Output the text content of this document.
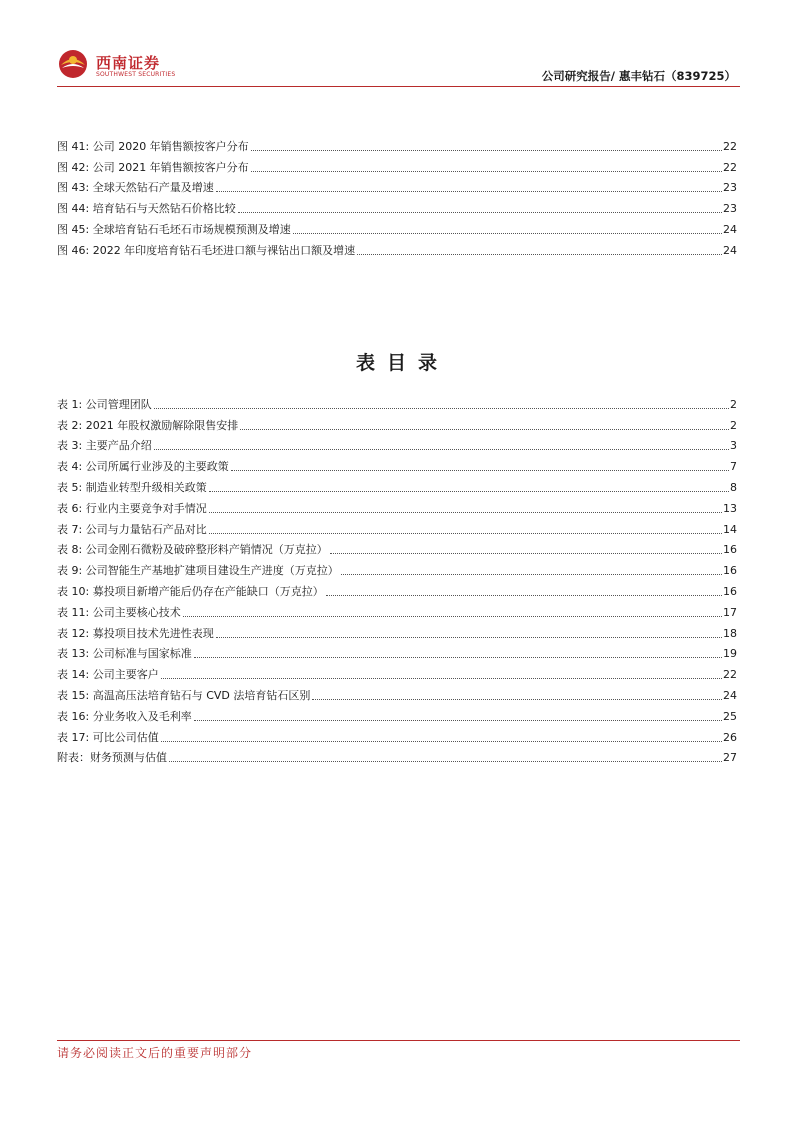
西南证券
SOUTHWEST SECURITIES	公司研究报告/ 惠丰钻石（839725）
图 41: 公司 2020 年销售额按客户分布	22
图 42: 公司 2021 年销售额按客户分布	22
图 43: 全球天然钻石产量及增速	23
图 44: 培育钻石与天然钻石价格比较	23
图 45: 全球培育钻石毛坯石市场规模预测及增速	24
图 46: 2022 年印度培育钻石毛坯进口额与裸钻出口额及增速	24
表目录
表 1: 公司管理团队	2
表 2: 2021 年股权激励解除限售安排	2
表 3: 主要产品介绍	3
表 4: 公司所属行业涉及的主要政策	7
表 5: 制造业转型升级相关政策	8
表 6: 行业内主要竞争对手情况	13
表 7: 公司与力量钻石产品对比	14
表 8: 公司金刚石微粉及破碎整形料产销情况（万克拉）	16
表 9: 公司智能生产基地扩建项目建设生产进度（万克拉）	16
表 10: 募投项目新增产能后仍存在产能缺口（万克拉）	16
表 11: 公司主要核心技术	17
表 12: 募投项目技术先进性表现	18
表 13: 公司标准与国家标准	19
表 14: 公司主要客户	22
表 15: 高温高压法培育钻石与 CVD 法培育钻石区别	24
表 16: 分业务收入及毛利率	25
表 17: 可比公司估值	26
附表：财务预测与估值	27
请务必阅读正文后的重要声明部分
